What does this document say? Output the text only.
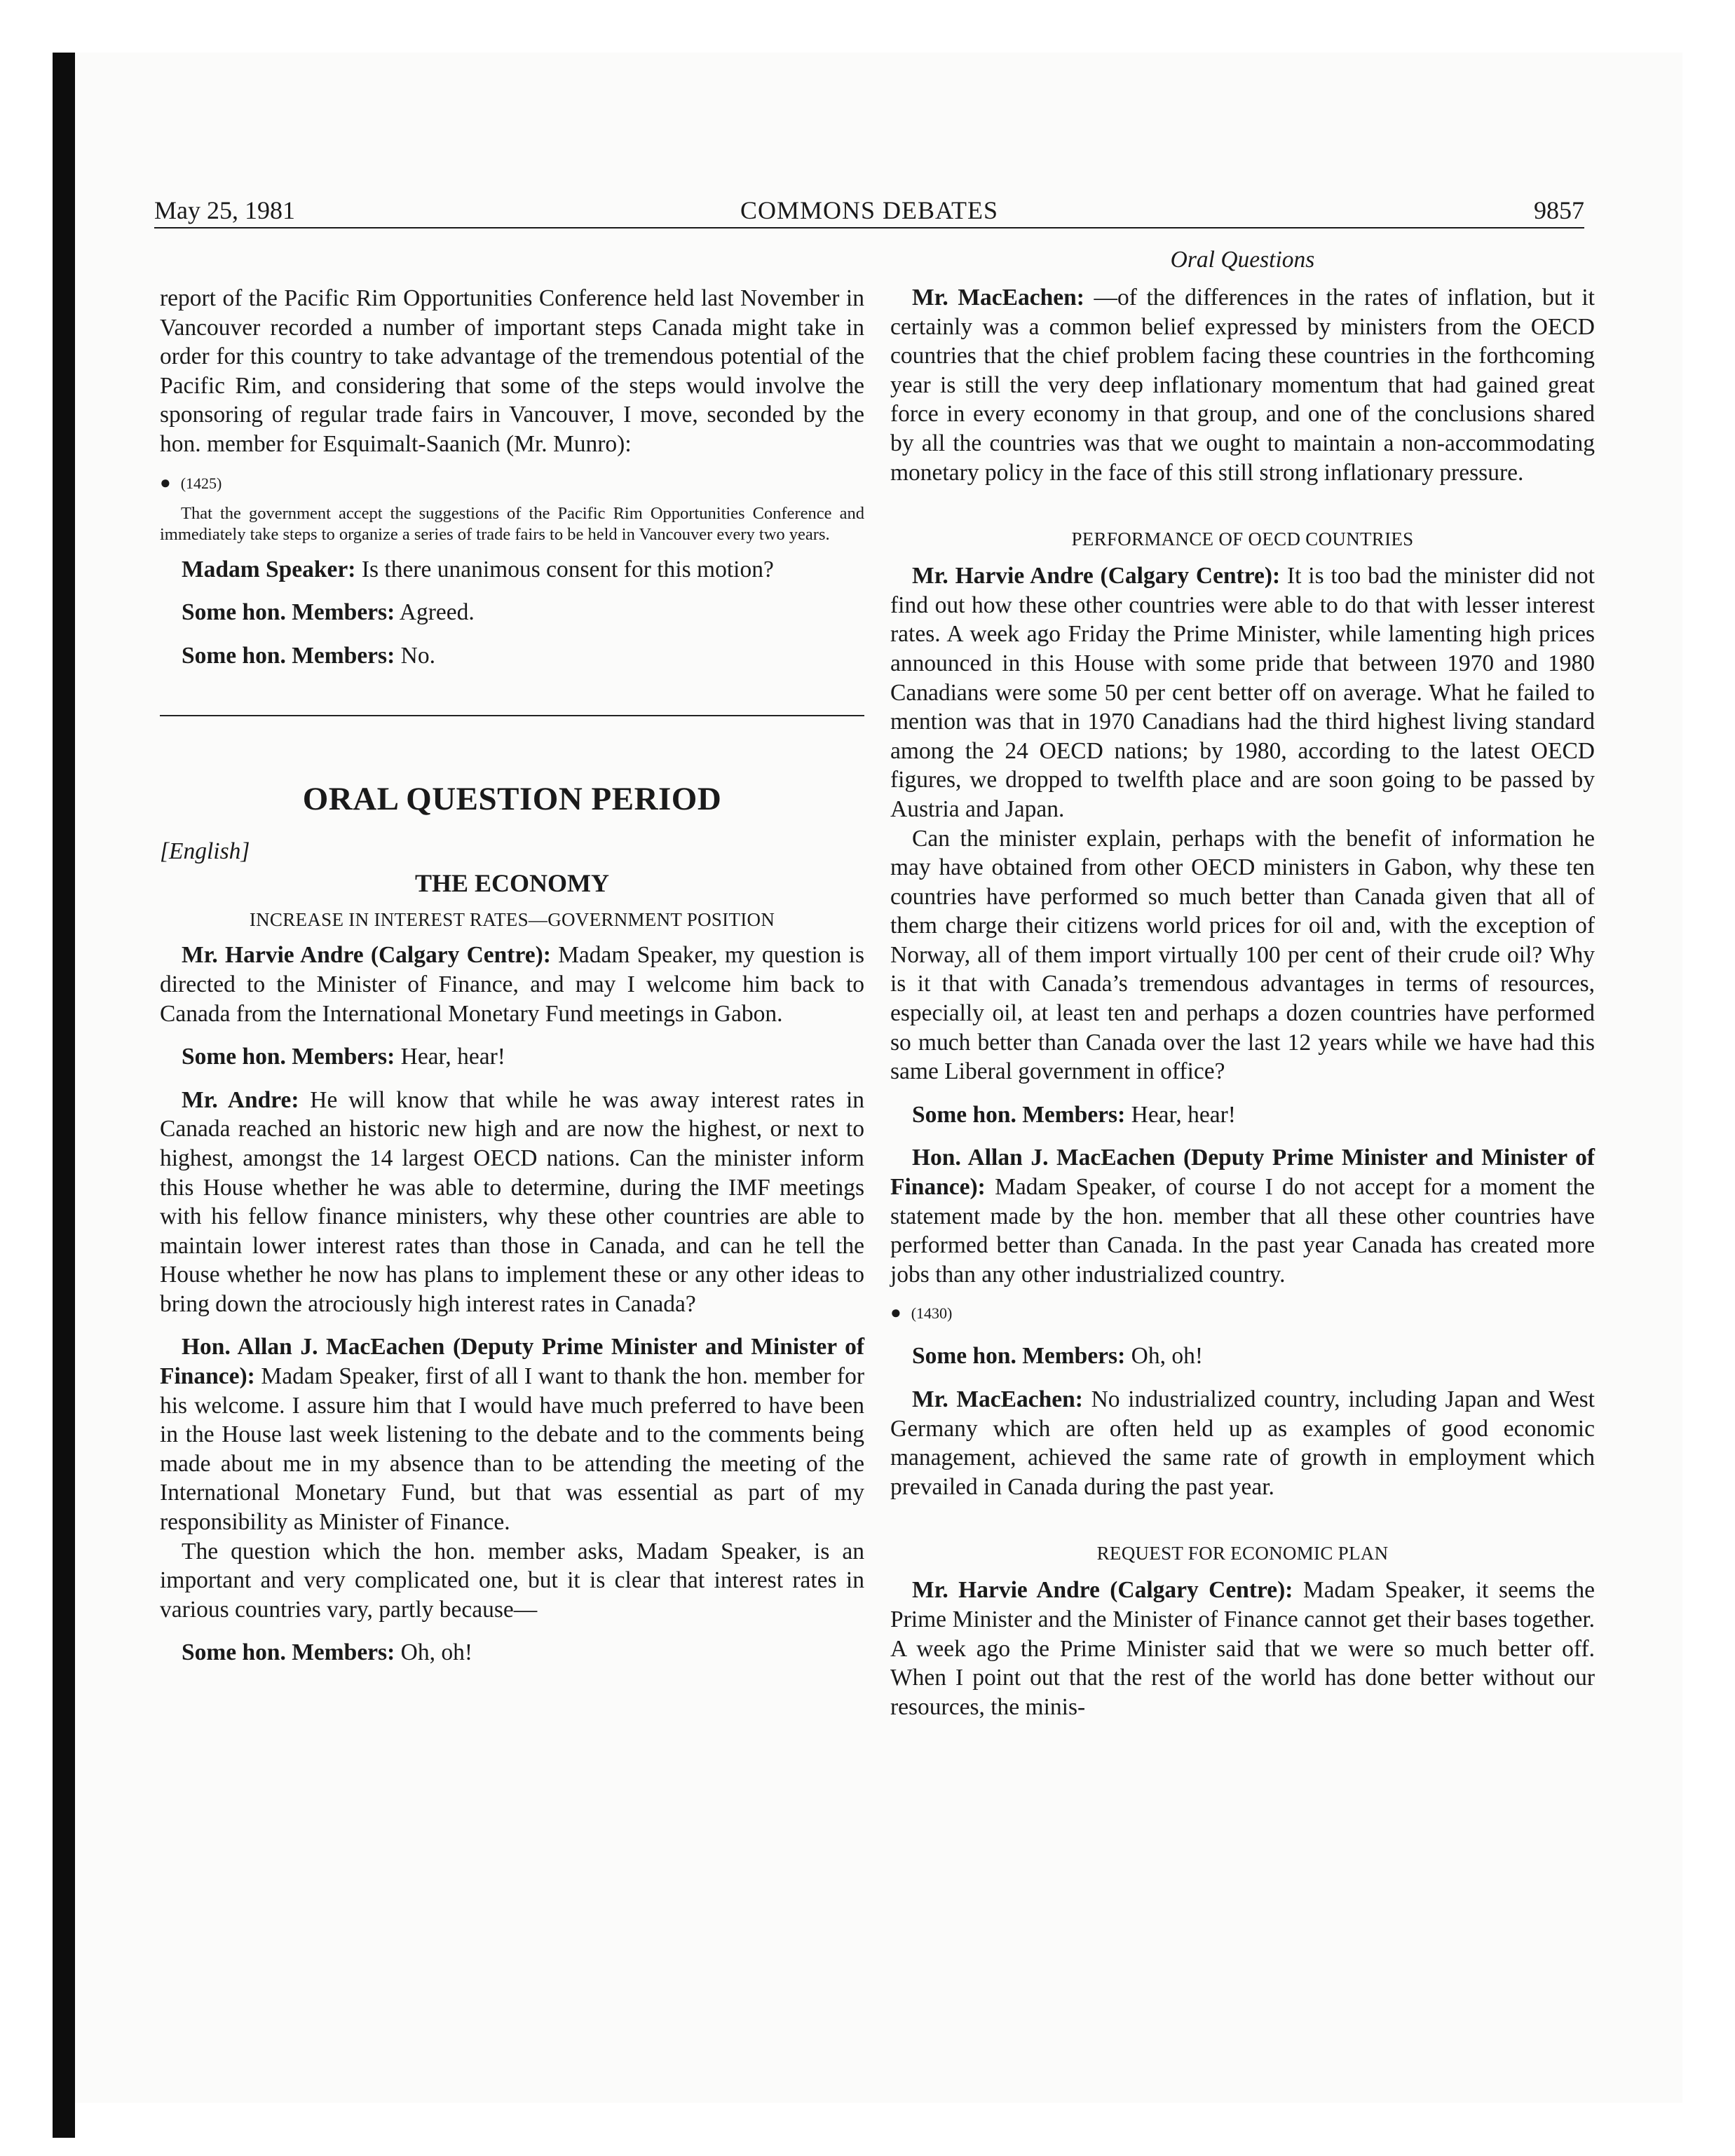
May 25, 1981	COMMONS DEBATES	9857

report of the Pacific Rim Opportunities Conference held last November in Vancouver recorded a number of important steps Canada might take in order for this country to take advantage of the tremendous potential of the Pacific Rim, and considering that some of the steps would involve the sponsoring of regular trade fairs in Vancouver, I move, seconded by the hon. member for Esquimalt-Saanich (Mr. Munro):

● (1425)

That the government accept the suggestions of the Pacific Rim Opportunities Conference and immediately take steps to organize a series of trade fairs to be held in Vancouver every two years.

Madam Speaker: Is there unanimous consent for this motion?

Some hon. Members: Agreed.

Some hon. Members: No.

ORAL QUESTION PERIOD
[English]
THE ECONOMY
INCREASE IN INTEREST RATES—GOVERNMENT POSITION

Mr. Harvie Andre (Calgary Centre): Madam Speaker, my question is directed to the Minister of Finance, and may I welcome him back to Canada from the International Monetary Fund meetings in Gabon.

Some hon. Members: Hear, hear!

Mr. Andre: He will know that while he was away interest rates in Canada reached an historic new high and are now the highest, or next to highest, amongst the 14 largest OECD nations. Can the minister inform this House whether he was able to determine, during the IMF meetings with his fellow finance ministers, why these other countries are able to maintain lower interest rates than those in Canada, and can he tell the House whether he now has plans to implement these or any other ideas to bring down the atrociously high interest rates in Canada?

Hon. Allan J. MacEachen (Deputy Prime Minister and Minister of Finance): Madam Speaker, first of all I want to thank the hon. member for his welcome. I assure him that I would have much preferred to have been in the House last week listening to the debate and to the comments being made about me in my absence than to be attending the meeting of the International Monetary Fund, but that was essential as part of my responsibility as Minister of Finance.

The question which the hon. member asks, Madam Speaker, is an important and very complicated one, but it is clear that interest rates in various countries vary, partly because—

Some hon. Members: Oh, oh!

Oral Questions

Mr. MacEachen: —of the differences in the rates of inflation, but it certainly was a common belief expressed by ministers from the OECD countries that the chief problem facing these countries in the forthcoming year is still the very deep inflationary momentum that had gained great force in every economy in that group, and one of the conclusions shared by all the countries was that we ought to maintain a non-accommodating monetary policy in the face of this still strong inflationary pressure.

PERFORMANCE OF OECD COUNTRIES

Mr. Harvie Andre (Calgary Centre): It is too bad the minister did not find out how these other countries were able to do that with lesser interest rates. A week ago Friday the Prime Minister, while lamenting high prices announced in this House with some pride that between 1970 and 1980 Canadians were some 50 per cent better off on average. What he failed to mention was that in 1970 Canadians had the third highest living standard among the 24 OECD nations; by 1980, according to the latest OECD figures, we dropped to twelfth place and are soon going to be passed by Austria and Japan.

Can the minister explain, perhaps with the benefit of information he may have obtained from other OECD ministers in Gabon, why these ten countries have performed so much better than Canada given that all of them charge their citizens world prices for oil and, with the exception of Norway, all of them import virtually 100 per cent of their crude oil? Why is it that with Canada’s tremendous advantages in terms of resources, especially oil, at least ten and perhaps a dozen countries have performed so much better than Canada over the last 12 years while we have had this same Liberal government in office?

Some hon. Members: Hear, hear!

Hon. Allan J. MacEachen (Deputy Prime Minister and Minister of Finance): Madam Speaker, of course I do not accept for a moment the statement made by the hon. member that all these other countries have performed better than Canada. In the past year Canada has created more jobs than any other industrialized country.

● (1430)

Some hon. Members: Oh, oh!

Mr. MacEachen: No industrialized country, including Japan and West Germany which are often held up as examples of good economic management, achieved the same rate of growth in employment which prevailed in Canada during the past year.

REQUEST FOR ECONOMIC PLAN

Mr. Harvie Andre (Calgary Centre): Madam Speaker, it seems the Prime Minister and the Minister of Finance cannot get their bases together. A week ago the Prime Minister said that we were so much better off. When I point out that the rest of the world has done better without our resources, the minis-
